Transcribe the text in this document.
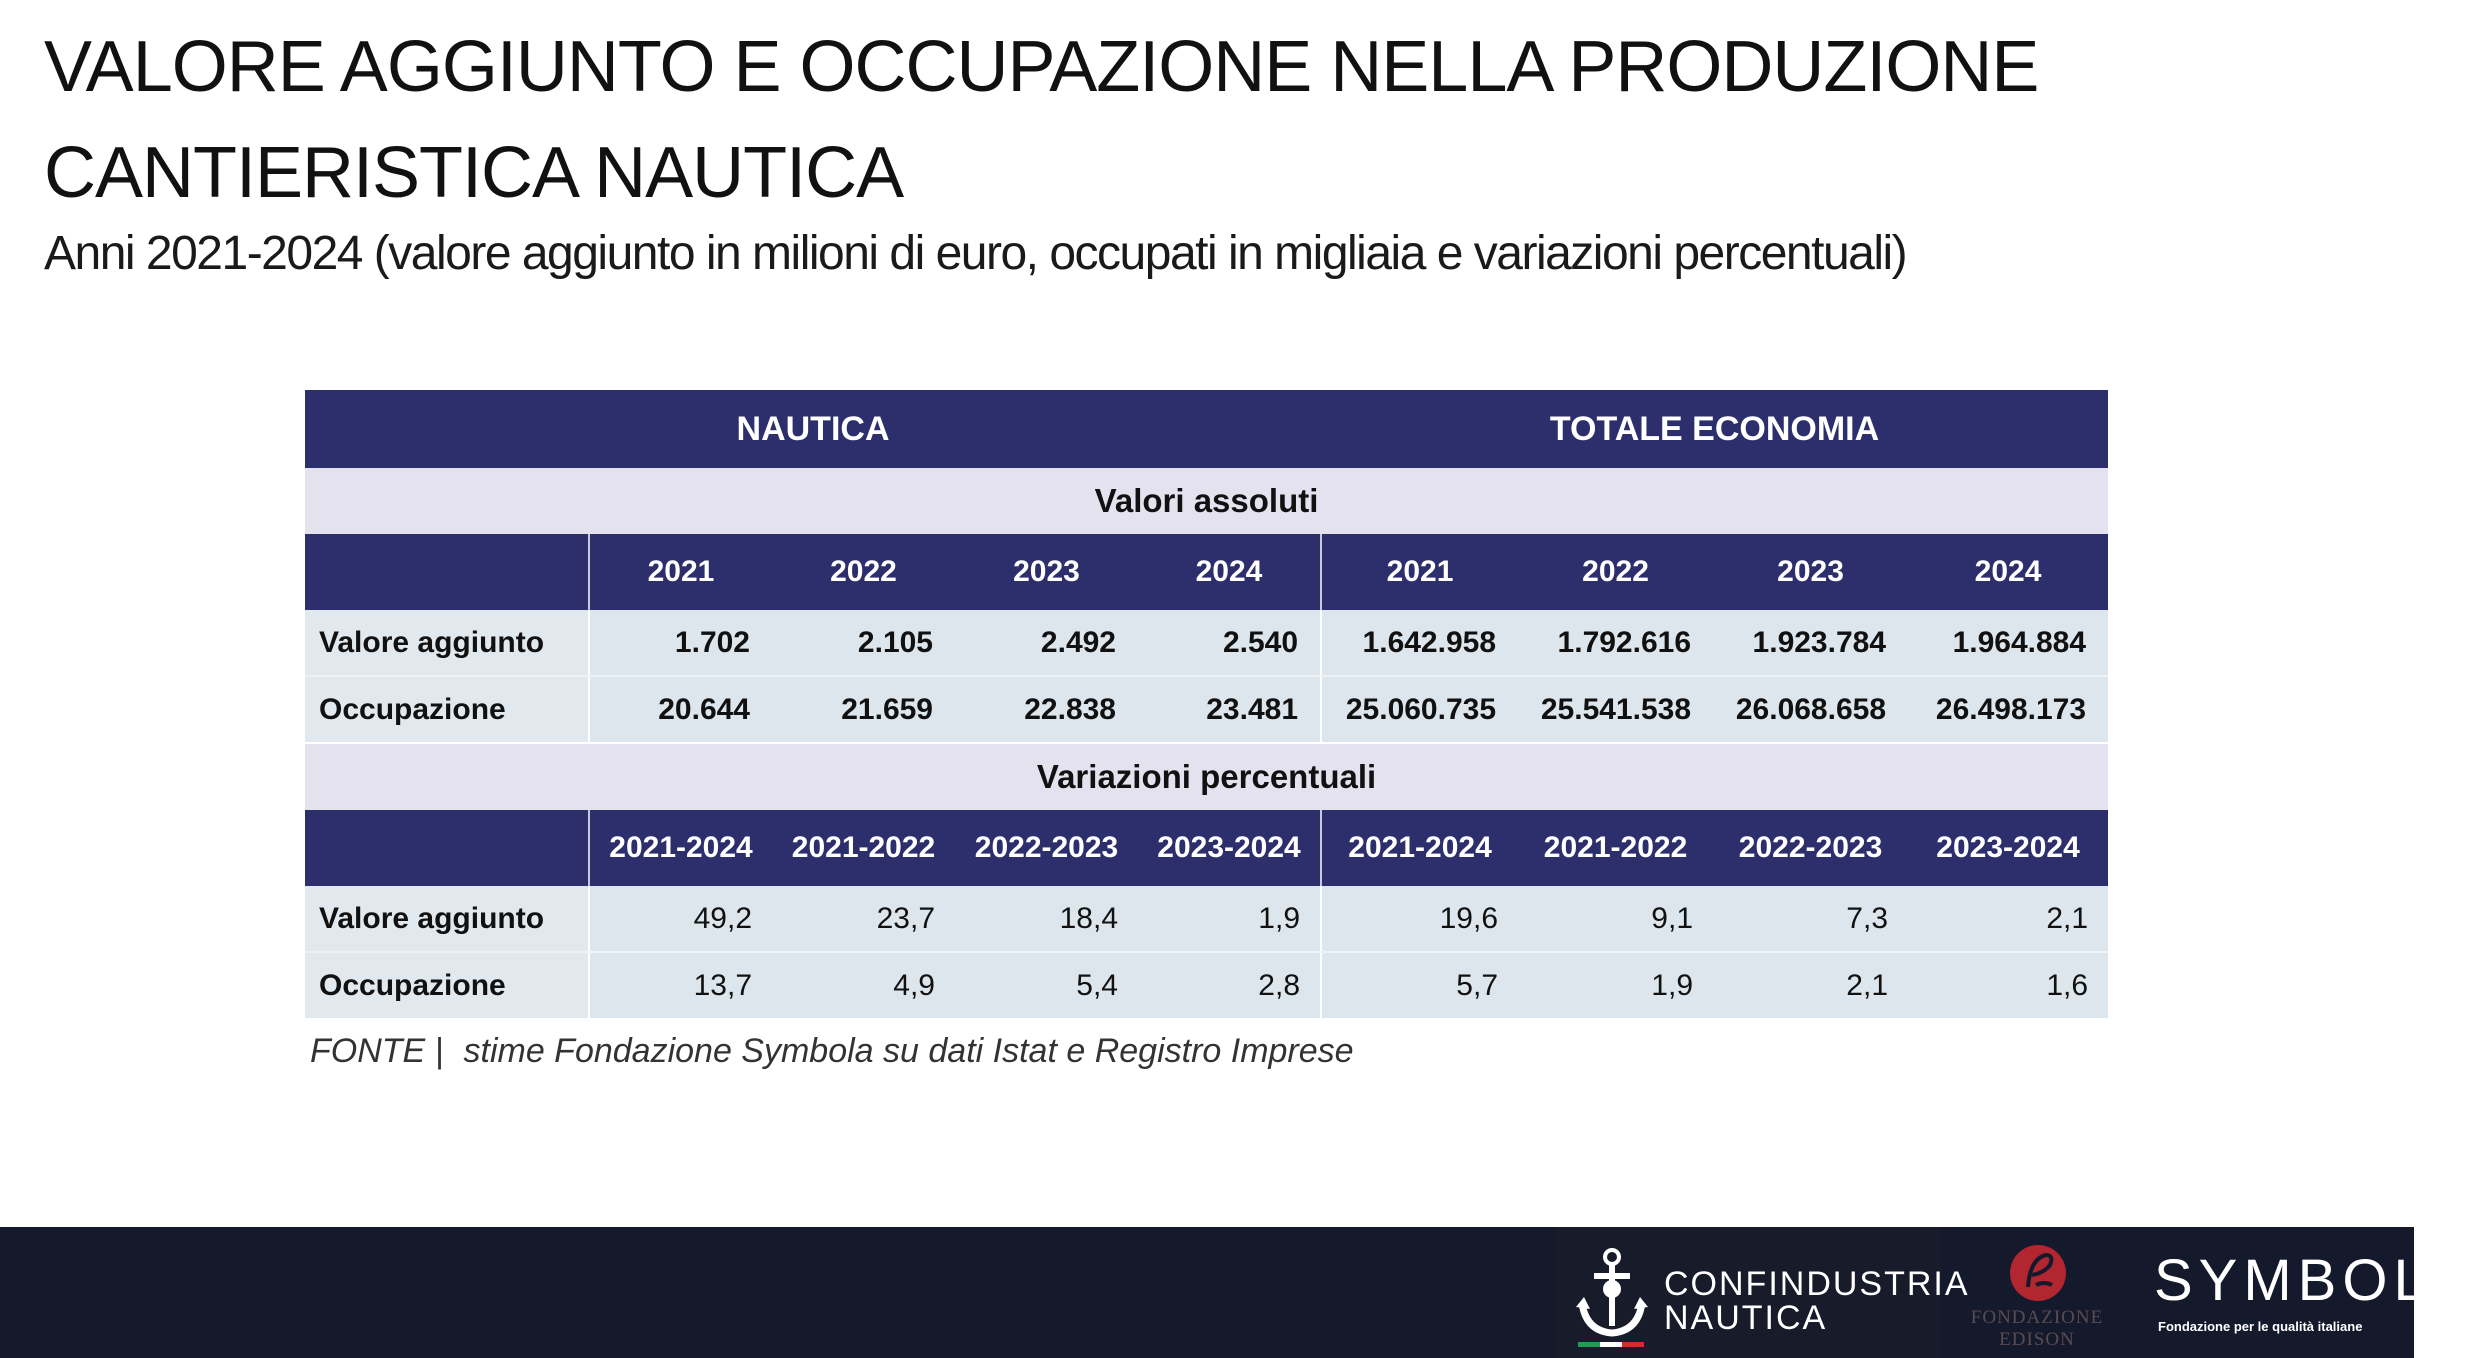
VALORE AGGIUNTO E OCCUPAZIONE NELLA PRODUZIONE CANTIERISTICA NAUTICA

Anni 2021-2024 (valore aggiunto in milioni di euro, occupati in migliaia e variazioni percentuali)

NAUTICA					TOTALE ECONOMIA			
Valori assoluti								
	2021	2022	2023	2024	2021	2022	2023	2024
Valore aggiunto	1.702	2.105	2.492	2.540	1.642.958	1.792.616	1.923.784	1.964.884
Occupazione	20.644	21.659	22.838	23.481	25.060.735	25.541.538	26.068.658	26.498.173
Variazioni percentuali								
	2021-2024	2021-2022	2022-2023	2023-2024	2021-2024	2021-2022	2022-2023	2023-2024
Valore aggiunto	49,2	23,7	18,4	1,9	19,6	9,1	7,3	2,1
Occupazione	13,7	4,9	5,4	2,8	5,7	1,9	2,1	1,6

FONTE | stime Fondazione Symbola su dati Istat e Registro Imprese

CONFINDUSTRIA
NAUTICA	FONDAZIONE
EDISON
SYMBOLA
Fondazione per le qualità italiane
